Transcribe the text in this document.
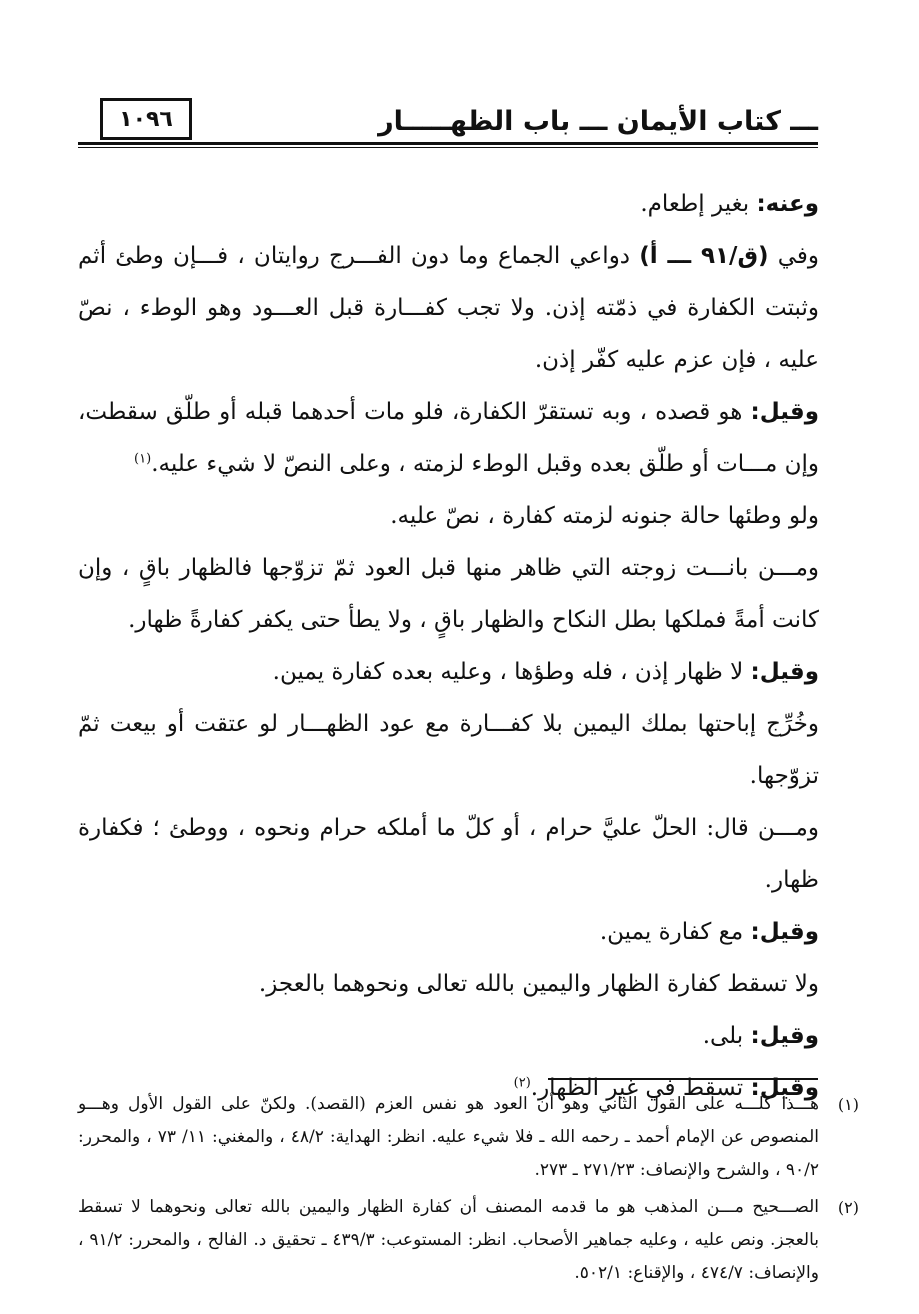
ـــ كتاب الأيمان ـــ باب الظهـــــار
١٠٩٦

وعنه: بغير إطعام.

وفي (ق/٩١ ـــ أ) دواعي الجماع وما دون الفـــرج روايتان ، فـــإن وطئ أثم وثبتت الكفارة في ذمّته إذن. ولا تجب كفـــارة قبل العـــود وهو الوطء ، نصّ عليه ، فإن عزم عليه كفّر إذن.

وقيل: هو قصده ، وبه تستقرّ الكفارة، فلو مات أحدهما قبله أو طلّق سقطت، وإن مـــات أو طلّق بعده وقبل الوطء لزمته ، وعلى النصّ لا شيء عليه.$^{(١)}$

ولو وطئها حالة جنونه لزمته كفارة ، نصّ عليه.

ومـــن بانـــت زوجته التي ظاهر منها قبل العود ثمّ تزوّجها فالظهار باقٍ ، وإن كانت أمةً فملكها بطل النكاح والظهار باقٍ ، ولا يطأ حتى يكفر كفارةً ظهار.

وقيل: لا ظهار إذن ، فله وطؤها ، وعليه بعده كفارة يمين.

وخُرِّج إباحتها بملك اليمين بلا كفـــارة مع عود الظهـــار لو عتقت أو بيعت ثمّ تزوّجها.

ومـــن قال: الحلّ عليَّ حرام ، أو كلّ ما أملكه حرام ونحوه ، ووطئ ؛ فكفارة ظهار.

وقيل: مع كفارة يمين.

ولا تسقط كفارة الظهار واليمين بالله تعالى ونحوهما بالعجز.

وقيل: بلى.

وقيل: تسقط في غير الظهار.$^{(٢)}$

(١)
هـــذا كلـــه على القول الثاني وهو أن العود هو نفس العزم (القصد). ولكنّ على القول الأول وهـــو المنصوص عن الإمام أحمد ـ رحمه الله ـ فلا شيء عليه. انظر: الهداية: ٤٨/٢ ، والمغني: ١١/ ٧٣ ، والمحرر: ٩٠/٢ ، والشرح والإنصاف: ٢٧١/٢٣ ـ ٢٧٣.
(٢)
الصـــحيح مـــن المذهب هو ما قدمه المصنف أن كفارة الظهار واليمين بالله تعالى ونحوهما لا تسقط بالعجز. ونص عليه ، وعليه جماهير الأصحاب. انظر: المستوعب: ٤٣٩/٣ ـ تحقيق د. الفالح ، والمحرر: ٩١/٢ ، والإنصاف: ٤٧٤/٧ ، والإقناع: ٥٠٢/١.
